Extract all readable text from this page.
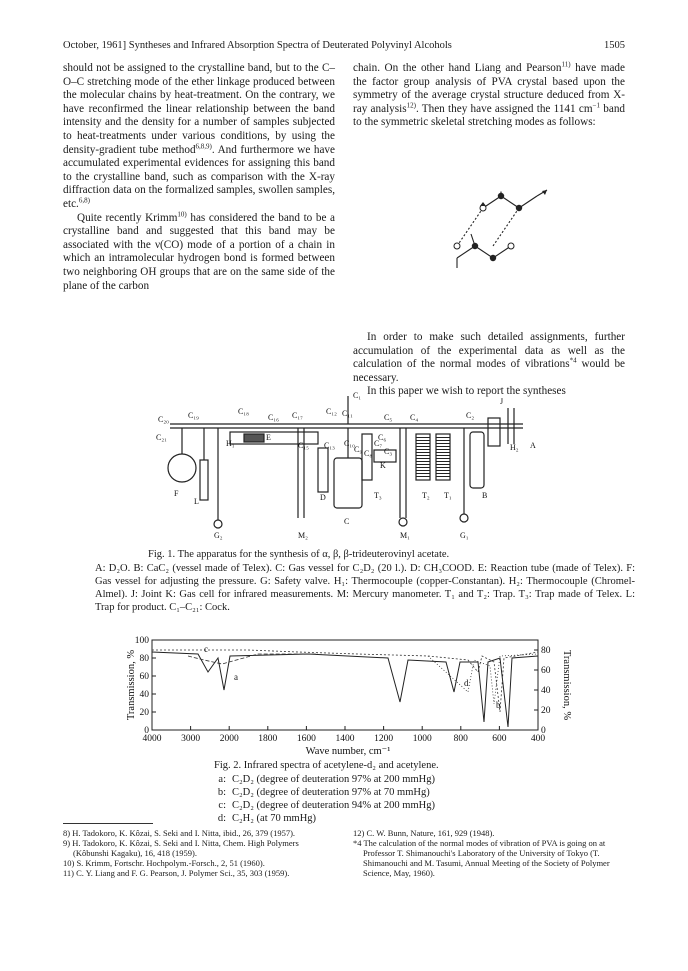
October, 1961] Syntheses and Infrared Absorption Spectra of Deuterated Polyvinyl Alcohols	1505

should not be assigned to the crystalline band, but to the C–O–C stretching mode of the ether linkage produced between the molecular chains by heat-treatment. On the contrary, we have reconfirmed the linear relationship between the band intensity and the density for a number of samples subjected to heat-treatments under various conditions, by using the density-gradient tube method$^{6,8,9)}$. And furthermore we have accumulated experimental evidences for assigning this band to the crystalline band, such as comparison with the X-ray diffraction data on the formalized samples, swollen samples, etc.$^{6,8)}$

Quite recently Krimm$^{10)}$ has considered the band to be a crystalline band and suggested that this band may be associated with the ν(CO) mode of a portion of a chain in which an intramolecular hydrogen bond is formed between two neighboring OH groups that are on the same side of the plane of the carbon

chain. On the other hand Liang and Pearson$^{11)}$ have made the factor group analysis of PVA crystal based upon the symmetry of the average crystal structure deduced from X-ray analysis$^{12)}$. Then they have assigned the 1141 $cm^{-1}$ band to the symmetric skeletal stretching modes as follows:

In order to make such detailed assignments, further accumulation of the experimental data as well as the calculation of the normal modes of vibrations$^{*4}$ would be necessary.

In this paper we wish to report the syntheses

C₁
C₂₀ C₁₉	C₁₈	C₁₇
C₁₆
C₁₂ C₁₁	C₅ C₄	C₂
C₂₁
H₁	C₁₅ C₁₃ C₁₀
C₉ C₈
C₇
C₆
C₃
K
E
J
H₂ A
F
L	D	T₃	T₂ T₁	B
G₂	M₂
C
M₁	G₁
Fig. 1. The apparatus for the synthesis of α, β, β-trideuterovinyl acetate.
A: D₂O. B: CaC₂ (vessel made of Telex). C: Gas vessel for C₂D₂ (20 l.). D: CH₃COOD. E: Reaction tube (made of Telex). F: Gas vessel for adjusting the pressure. G: Safety valve. H₁: Thermocouple (copper-Constantan). H₂: Thermocouple (Chromel-Almel). J: Joint K: Gas cell for infrared measurements. M: Mercury manometer. T₁ and T₂: Trap. T₃: Trap made of Telex. L: Trap for product. C₁–C₂₁: Cock.
4000 3000 2000 1800 1600 1400 1200 1000 800	600	400
100
80
60
40
20
0
80
60
40
20
0
Wave number, cm⁻¹
Transmission, %	Transmission, %
c
a
d
b
Fig. 2. Infrared spectra of acetylene-d₂ and acetylene.
a: C₂D₂ (degree of deuteration 97% at 200 mmHg)
b: C₂D₂ (degree of deuteration 97% at 70 mmHg)
c: C₂D₂ (degree of deuteration 94% at 200 mmHg)
d: C₂H₂ (at 70 mmHg)

8) H. Tadokoro, K. Kôzai, S. Seki and I. Nitta, ibid., 26, 379 (1957).

9) H. Tadokoro, K. Kôzai, S. Seki and I. Nitta, Chem. High Polymers (Kôbunshi Kagaku), 16, 418 (1959).

10) S. Krimm, Fortschr. Hochpolym.-Forsch., 2, 51 (1960).

11) C. Y. Liang and F. G. Pearson, J. Polymer Sci., 35, 303 (1959).

12) C. W. Bunn, Nature, 161, 929 (1948).

*4 The calculation of the normal modes of vibration of PVA is going on at Professor T. Shimanouchi's Laboratory of the University of Tokyo (T. Shimanouchi and M. Tasumi, Annual Meeting of the Society of Polymer Science, May, 1960).
